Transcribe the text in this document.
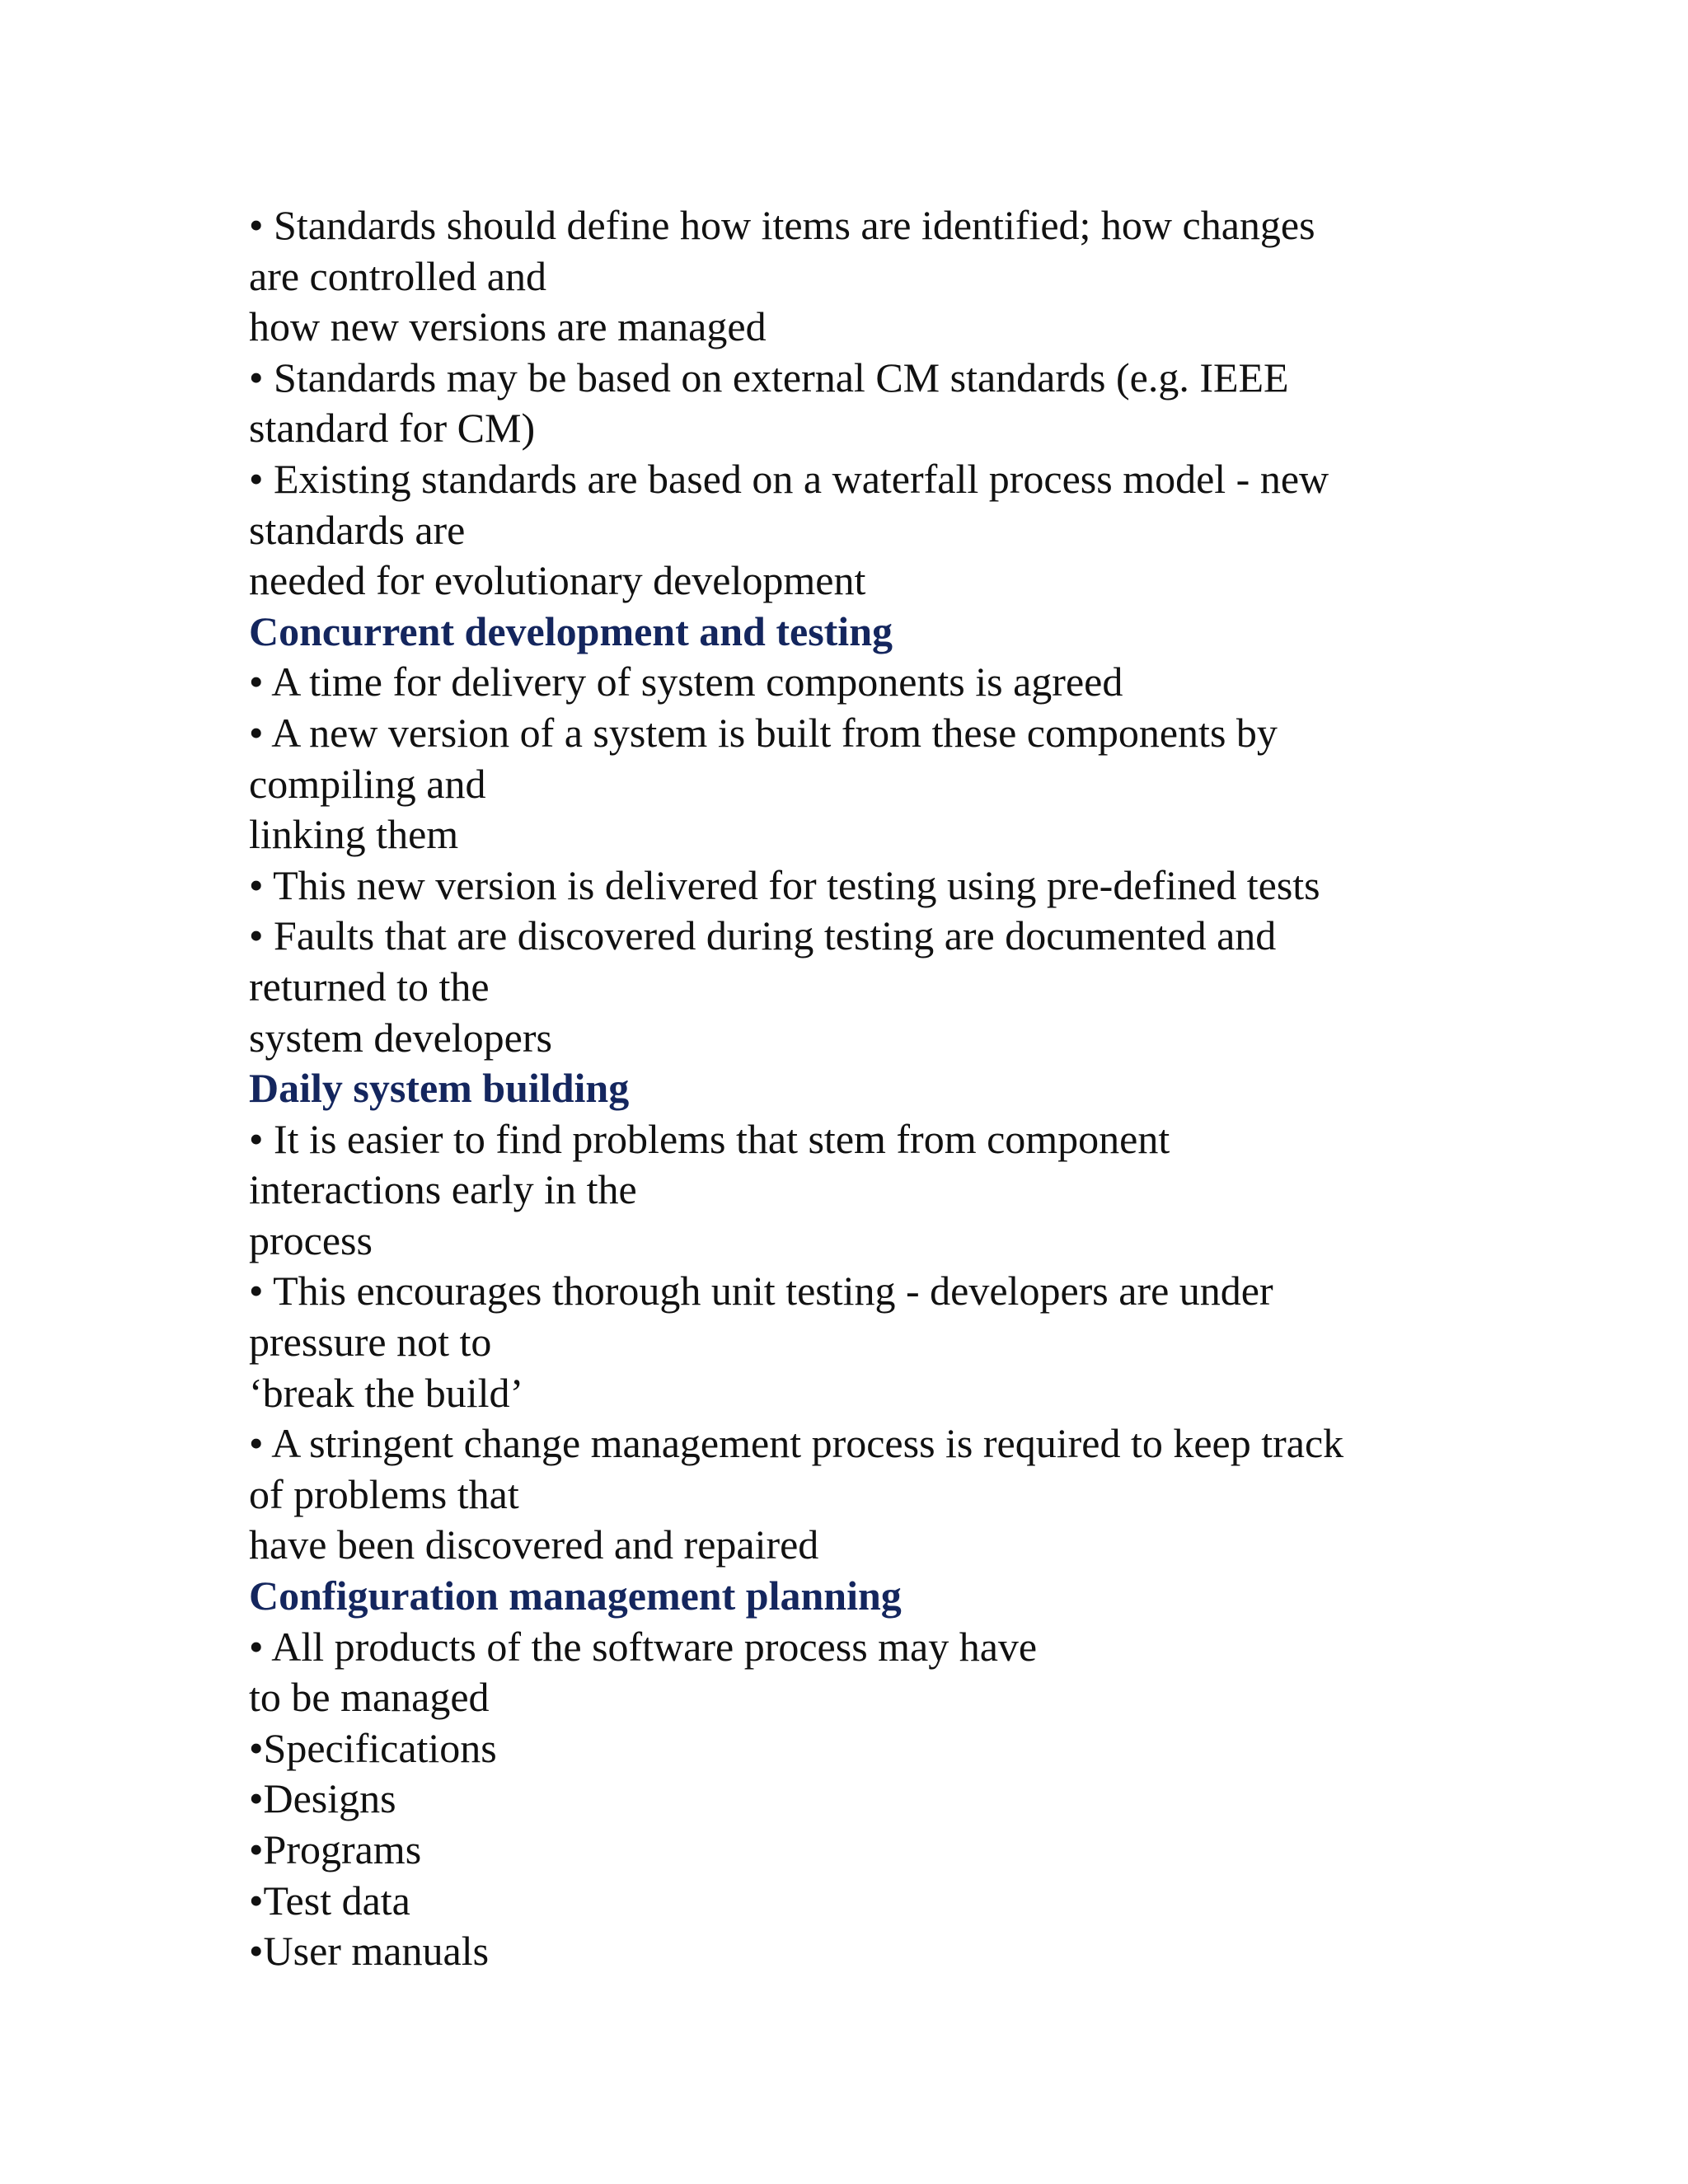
• Standards should define how items are identified; how changes
are controlled and
how new versions are managed
• Standards may be based on external CM standards (e.g. IEEE
standard for CM)
• Existing standards are based on a waterfall process model - new
standards are
needed for evolutionary development
Concurrent development and testing
• A time for delivery of system components is agreed
• A new version of a system is built from these components by
compiling and
linking them
• This new version is delivered for testing using pre-defined tests
• Faults that are discovered during testing are documented and
returned to the
system developers
Daily system building
• It is easier to find problems that stem from component
interactions early in the
process
• This encourages thorough unit testing - developers are under
pressure not to
‘break the build’
• A stringent change management process is required to keep track
of problems that
have been discovered and repaired
Configuration management planning
• All products of the software process may have
to be managed
•Specifications
•Designs
•Programs
•Test data
•User manuals
